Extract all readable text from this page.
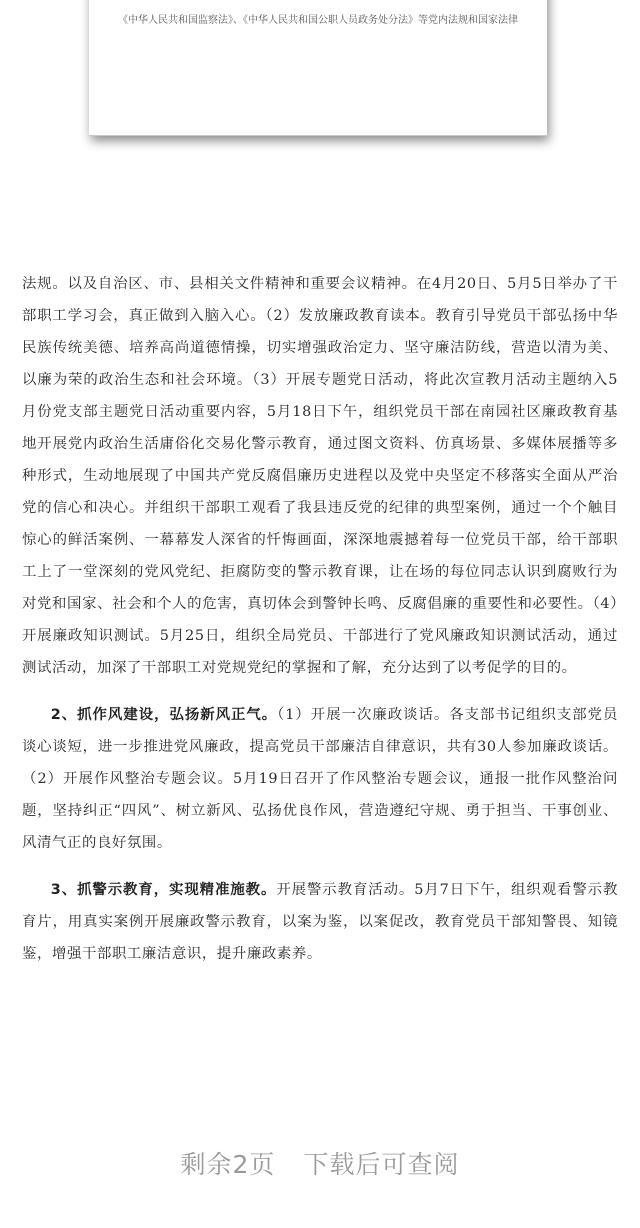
《中华人民共和国监察法》、《中华人民共和国公职人员政务处分法》等党内法规和国家法律

法规。以及自治区、市、县相关文件精神和重要会议精神。在4月20日、5月5日举办了干部职工学习会，真正做到入脑入心。（2）发放廉政教育读本。教育引导党员干部弘扬中华民族传统美德、培养高尚道德情操，切实增强政治定力、坚守廉洁防线，营造以清为美、以廉为荣的政治生态和社会环境。（3）开展专题党日活动，将此次宣教月活动主题纳入5月份党支部主题党日活动重要内容，5月18日下午，组织党员干部在南园社区廉政教育基地开展党内政治生活庸俗化交易化警示教育，通过图文资料、仿真场景、多媒体展播等多种形式，生动地展现了中国共产党反腐倡廉历史进程以及党中央坚定不移落实全面从严治党的信心和决心。并组织干部职工观看了我县违反党的纪律的典型案例，通过一个个触目惊心的鲜活案例、一幕幕发人深省的忏悔画面，深深地震撼着每一位党员干部，给干部职工上了一堂深刻的党风党纪、拒腐防变的警示教育课，让在场的每位同志认识到腐败行为对党和国家、社会和个人的危害，真切体会到警钟长鸣、反腐倡廉的重要性和必要性。（4）开展廉政知识测试。5月25日，组织全局党员、干部进行了党风廉政知识测试活动，通过测试活动，加深了干部职工对党规党纪的掌握和了解，充分达到了以考促学的目的。

2、抓作风建设，弘扬新风正气。（1）开展一次廉政谈话。各支部书记组织支部党员谈心谈短，进一步推进党风廉政，提高党员干部廉洁自律意识，共有30人参加廉政谈话。（2）开展作风整治专题会议。5月19日召开了作风整治专题会议，通报一批作风整治问题，坚持纠正“四风”、树立新风、弘扬优良作风，营造遵纪守规、勇于担当、干事创业、风清气正的良好氛围。

3、抓警示教育，实现精准施教。开展警示教育活动。5月7日下午，组织观看警示教育片，用真实案例开展廉政警示教育，以案为鉴，以案促改，教育党员干部知警畏、知镜鉴，增强干部职工廉洁意识，提升廉政素养。

剩余2页 下载后可查阅
